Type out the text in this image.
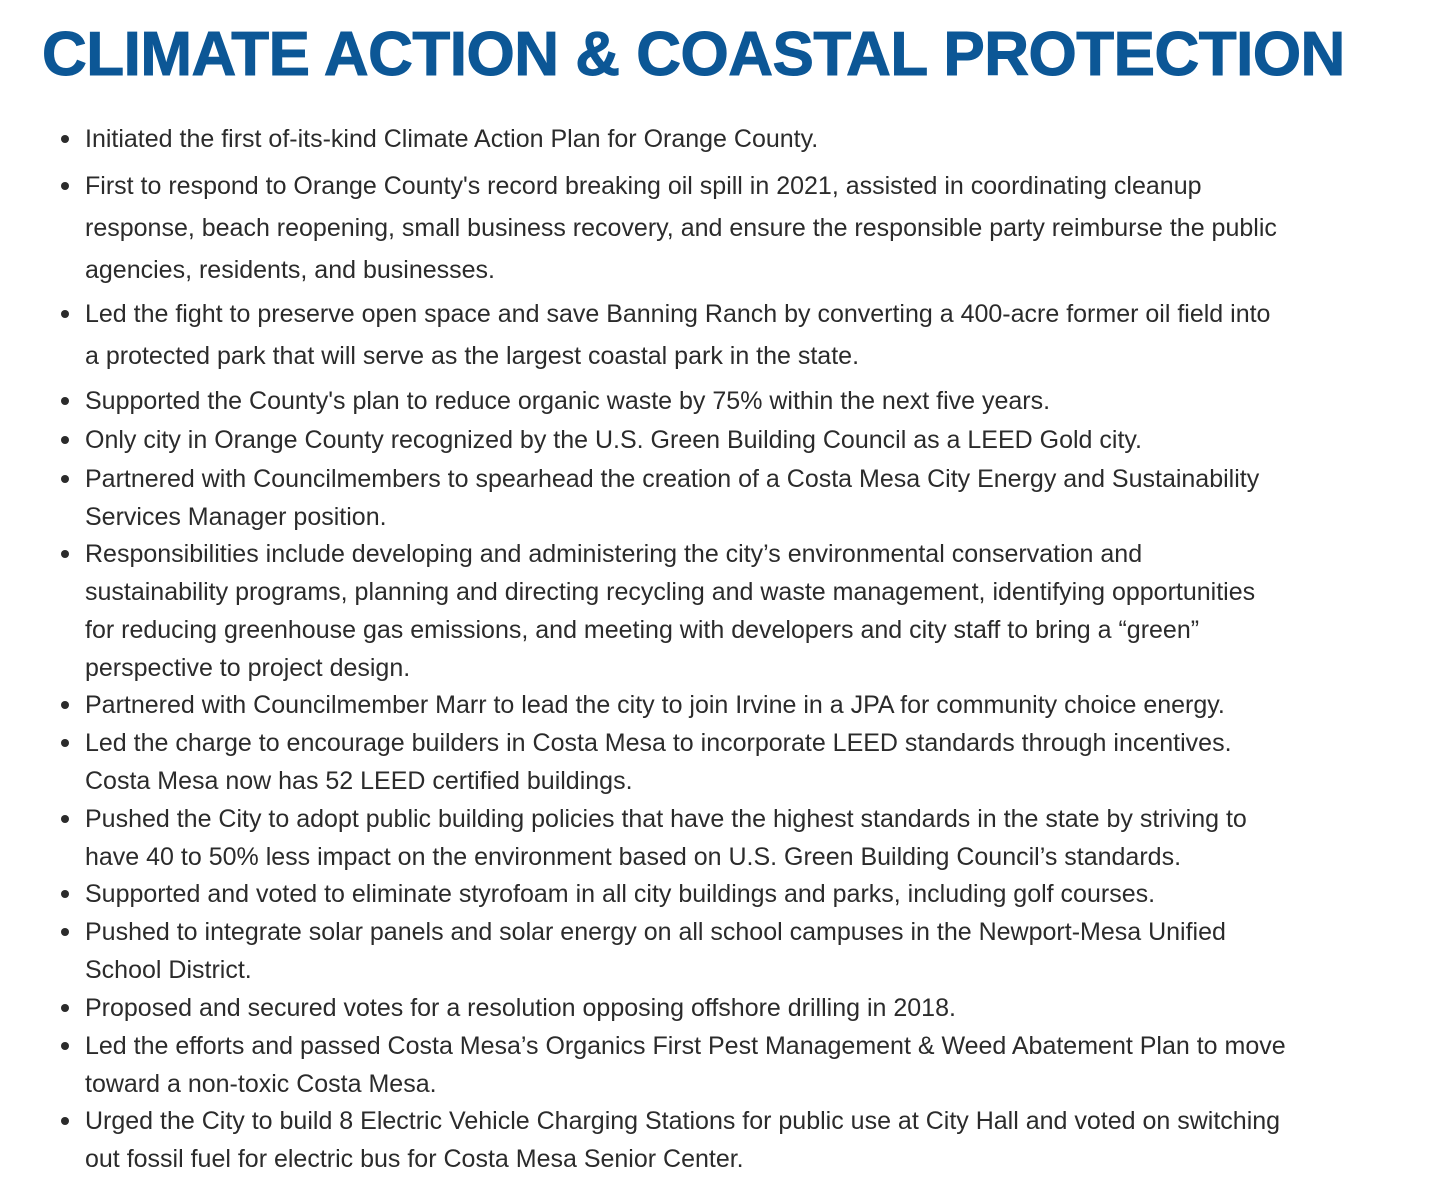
CLIMATE ACTION & COASTAL PROTECTION
Initiated the first of-its-kind Climate Action Plan for Orange County.
First to respond to Orange County's record breaking oil spill in 2021, assisted in coordinating cleanup
response, beach reopening, small business recovery, and ensure the responsible party reimburse the public
agencies, residents, and businesses.
Led the fight to preserve open space and save Banning Ranch by converting a 400-acre former oil field into
a protected park that will serve as the largest coastal park in the state.
Supported the County's plan to reduce organic waste by 75% within the next five years.
Only city in Orange County recognized by the U.S. Green Building Council as a LEED Gold city.
Partnered with Councilmembers to spearhead the creation of a Costa Mesa City Energy and Sustainability
Services Manager position.
Responsibilities include developing and administering the city’s environmental conservation and
sustainability programs, planning and directing recycling and waste management, identifying opportunities
for reducing greenhouse gas emissions, and meeting with developers and city staff to bring a “green”
perspective to project design.
Partnered with Councilmember Marr to lead the city to join Irvine in a JPA for community choice energy.
Led the charge to encourage builders in Costa Mesa to incorporate LEED standards through incentives.
Costa Mesa now has 52 LEED certified buildings.
Pushed the City to adopt public building policies that have the highest standards in the state by striving to
have 40 to 50% less impact on the environment based on U.S. Green Building Council’s standards.
Supported and voted to eliminate styrofoam in all city buildings and parks, including golf courses.
Pushed to integrate solar panels and solar energy on all school campuses in the Newport-Mesa Unified
School District.
Proposed and secured votes for a resolution opposing offshore drilling in 2018.
Led the efforts and passed Costa Mesa’s Organics First Pest Management & Weed Abatement Plan to move
toward a non-toxic Costa Mesa.
Urged the City to build 8 Electric Vehicle Charging Stations for public use at City Hall and voted on switching
out fossil fuel for electric bus for Costa Mesa Senior Center.
